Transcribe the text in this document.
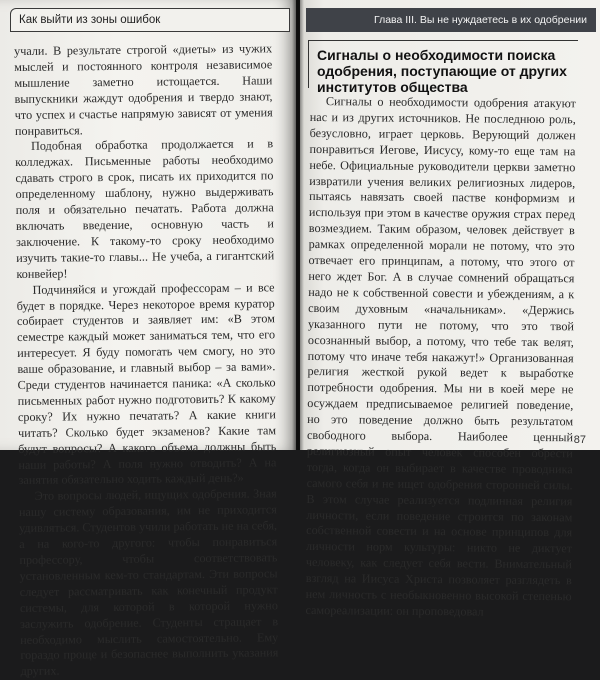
Как выйти из зоны ошибок

учали. В результате строгой «диеты» из чужих мыслей и постоянного контроля независимое мышление заметно истощается. Наши выпускники жаждут одобрения и твердо знают, что успех и счастье напрямую зависят от умения понравиться.

Подобная обработка продолжается и в колледжах. Письменные работы необходимо сдавать строго в срок, писать их приходится по определенному шаблону, нужно выдерживать поля и обязательно печатать. Работа должна включать введение, основную часть и заключение. К такому-то сроку необходимо изучить такие-то главы... Не учеба, а гигантский конвейер!

Подчиняйся и угождай профессорам – и все будет в порядке. Через некоторое время куратор собирает студентов и заявляет им: «В этом семестре каждый может заниматься тем, что его интересует. Я буду помогать чем смогу, но это ваше образование, и главный выбор – за вами». Среди студентов начинается паника: «А сколько письменных работ нужно подготовить? К какому сроку? Их нужно печатать? А какие книги читать? Сколько будет экзаменов? Какие там будут вопросы? А какого объема должны быть наши работы? А поля нужно отводить? А на занятия обязательно ходить каждый день?»

Это вопросы людей, ищущих одобрения. Зная нашу систему образования, им не приходится удивляться. Студентов учили работать не на себя, а на кого-то другого: чтобы понравиться профессору, чтобы соответствовать установленным кем-то стандартам. Эти вопросы следует рассматривать как конечный продукт системы, для которой в которой нужно заслужить одобрение. Студенты стращает в необходимо мыслить самостоятельно. Ему гораздо проще и безопаснее выполнить указания других.

Глава III. Вы не нуждаетесь в их одобрении
Сигналы о необходимости поиска одобрения, поступающие от других институтов общества

Сигналы о необходимости одобрения атакуют нас и из других источников. Не последнюю роль, безусловно, играет церковь. Верующий должен понравиться Иегове, Иисусу, кому-то еще там на небе. Официальные руководители церкви заметно извратили учения великих религиозных лидеров, пытаясь навязать своей пастве конформизм и используя при этом в качестве оружия страх перед возмездием. Таким образом, человек действует в рамках определенной морали не потому, что это отвечает его принципам, а потому, что этого от него ждет Бог. А в случае сомнений обращаться надо не к собственной совести и убеждениям, а к своим духовным «начальникам». «Держись указанного пути не потому, что это твой осознанный выбор, а потому, что тебе так велят, потому что иначе тебя накажут!» Организованная религия жесткой рукой ведет к выработке потребности одобрения. Мы ни в коей мере не осуждаем предписываемое религией поведение, но это поведение должно быть результатом свободного выбора. Наиболее ценный религиозный опыт человек способен обрести тогда, когда он выбирает в качестве проводника самого себя и не ищет одобрения сторонней силы. В этом случае реализуется подлинная религия личности, если поведение строится по законам собственной совести и на основе принципов для личности норм культуры: никто не диктует человеку, как следует себя вести. Внимательный взгляд на Иисуса Христа позволяет разглядеть в нем личность с необыкновенно высокой степенью самореализации: он проповедовал

87
